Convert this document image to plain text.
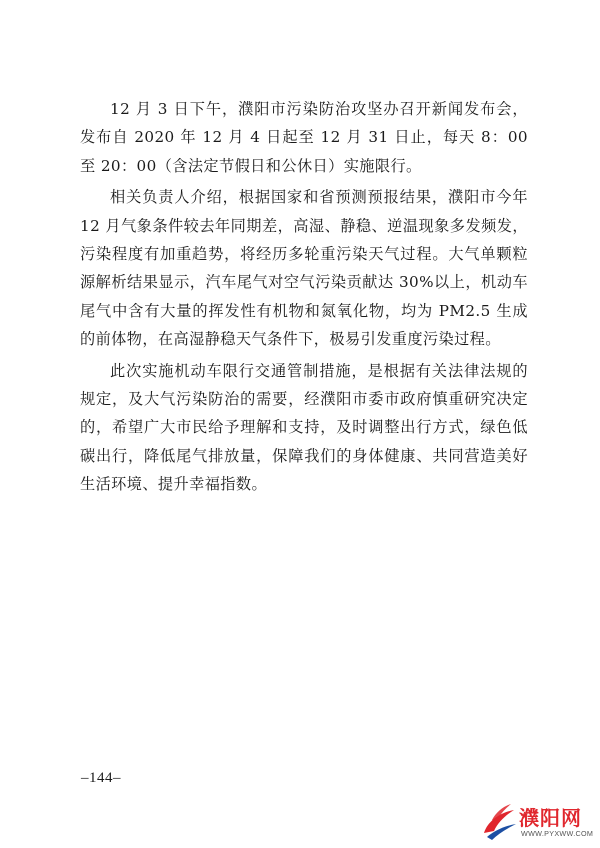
12 月 3 日下午，濮阳市污染防治攻坚办召开新闻发布会，发布自 2020 年 12 月 4 日起至 12 月 31 日止，每天 8：00 至 20：00（含法定节假日和公休日）实施限行。

相关负责人介绍，根据国家和省预测预报结果，濮阳市今年 12 月气象条件较去年同期差，高湿、静稳、逆温现象多发频发，污染程度有加重趋势，将经历多轮重污染天气过程。大气单颗粒源解析结果显示，汽车尾气对空气污染贡献达 30%以上，机动车尾气中含有大量的挥发性有机物和氮氧化物，均为 PM2.5 生成的前体物，在高湿静稳天气条件下，极易引发重度污染过程。

此次实施机动车限行交通管制措施，是根据有关法律法规的规定，及大气污染防治的需要，经濮阳市委市政府慎重研究决定的，希望广大市民给予理解和支持，及时调整出行方式，绿色低碳出行，降低尾气排放量，保障我们的身体健康、共同营造美好生活环境、提升幸福指数。

–144–
濮阳网
WWW.PYXWW.COM
